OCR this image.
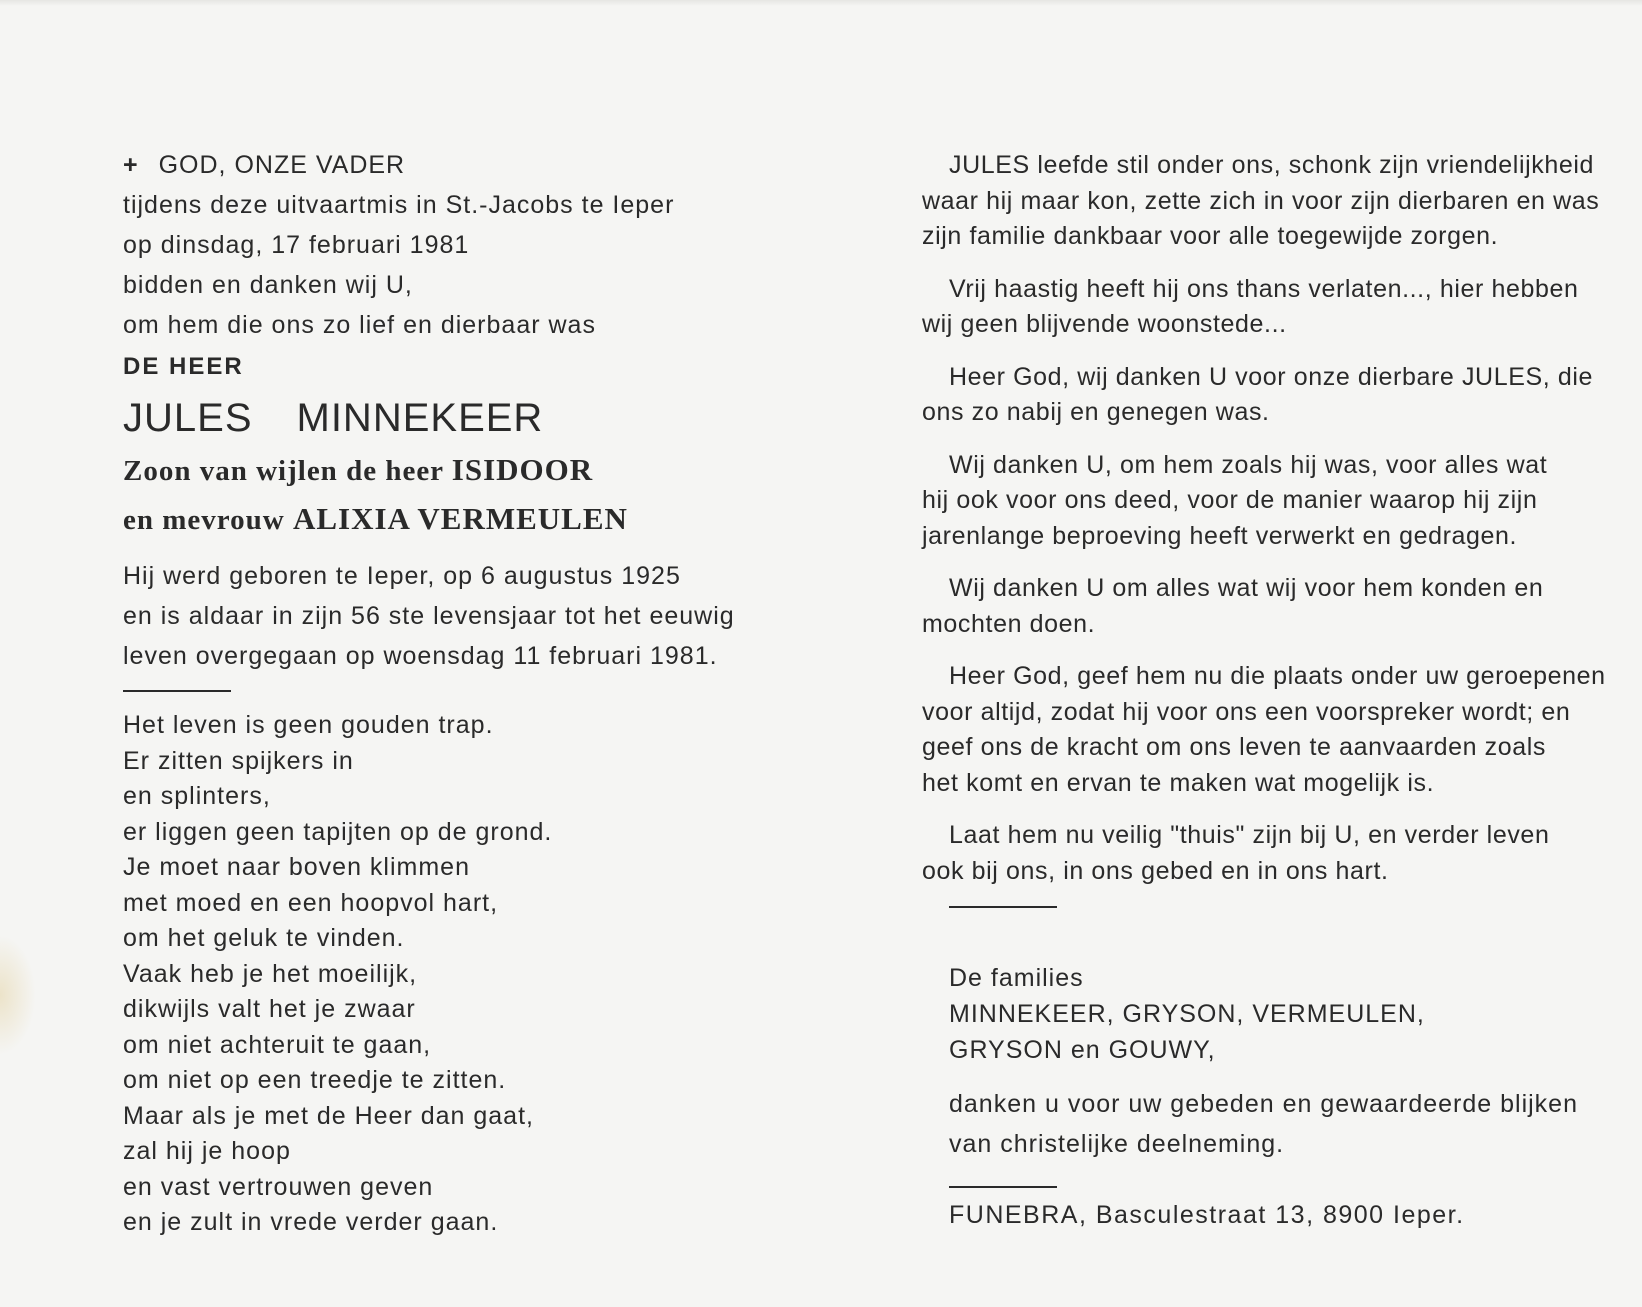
+ GOD, ONZE VADER
tijdens deze uitvaartmis in St.-Jacobs te Ieper
op dinsdag, 17 februari 1981
bidden en danken wij U,
om hem die ons zo lief en dierbaar was
DE HEER
JULES MINNEKEER
Zoon van wijlen de heer ISIDOOR
en mevrouw ALIXIA VERMEULEN
Hij werd geboren te Ieper, op 6 augustus 1925
en is aldaar in zijn 56 ste levensjaar tot het eeuwig
leven overgegaan op woensdag 11 februari 1981.
Het leven is geen gouden trap.
Er zitten spijkers in
en splinters,
er liggen geen tapijten op de grond.
Je moet naar boven klimmen
met moed en een hoopvol hart,
om het geluk te vinden.
Vaak heb je het moeilijk,
dikwijls valt het je zwaar
om niet achteruit te gaan,
om niet op een treedje te zitten.
Maar als je met de Heer dan gaat,
zal hij je hoop
en vast vertrouwen geven
en je zult in vrede verder gaan.
JULES leefde stil onder ons, schonk zijn vriendelijkheid
waar hij maar kon, zette zich in voor zijn dierbaren en was
zijn familie dankbaar voor alle toegewijde zorgen.
Vrij haastig heeft hij ons thans verlaten..., hier hebben
wij geen blijvende woonstede...
Heer God, wij danken U voor onze dierbare JULES, die
ons zo nabij en genegen was.
Wij danken U, om hem zoals hij was, voor alles wat
hij ook voor ons deed, voor de manier waarop hij zijn
jarenlange beproeving heeft verwerkt en gedragen.
Wij danken U om alles wat wij voor hem konden en
mochten doen.
Heer God, geef hem nu die plaats onder uw geroepenen
voor altijd, zodat hij voor ons een voorspreker wordt; en
geef ons de kracht om ons leven te aanvaarden zoals
het komt en ervan te maken wat mogelijk is.
Laat hem nu veilig "thuis" zijn bij U, en verder leven
ook bij ons, in ons gebed en in ons hart.
De families
MINNEKEER, GRYSON, VERMEULEN,
GRYSON en GOUWY,
danken u voor uw gebeden en gewaardeerde blijken
van christelijke deelneming.
FUNEBRA, Basculestraat 13, 8900 Ieper.
